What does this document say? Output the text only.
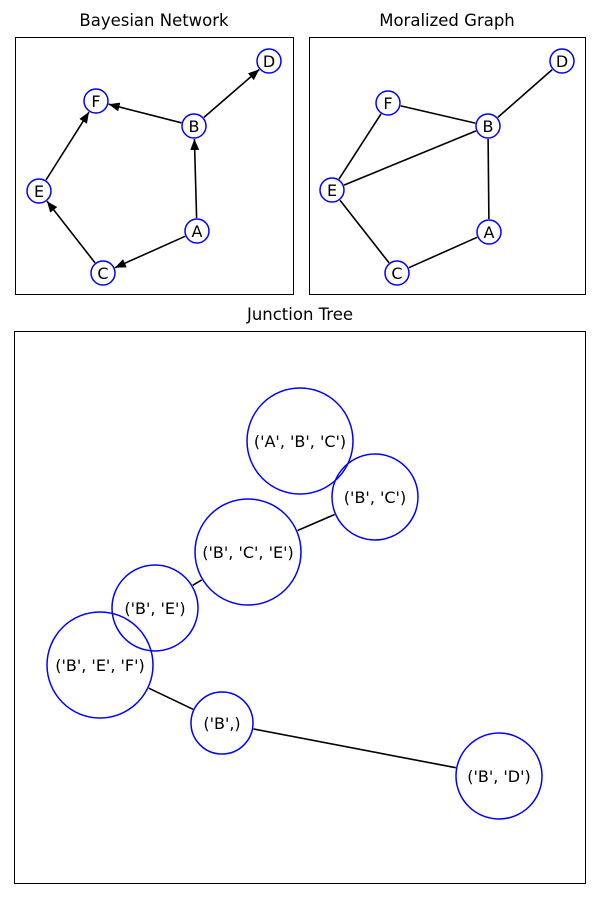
Bayesian Network	Moralized Graph
Junction Tree
A
B
C
D
E
F
A
B
C
D
E
F
('A', 'B', 'C')
('B', 'C')
('B', 'C', 'E')
('B', 'E')
('B', 'E', 'F')
('B',)
('B', 'D')
